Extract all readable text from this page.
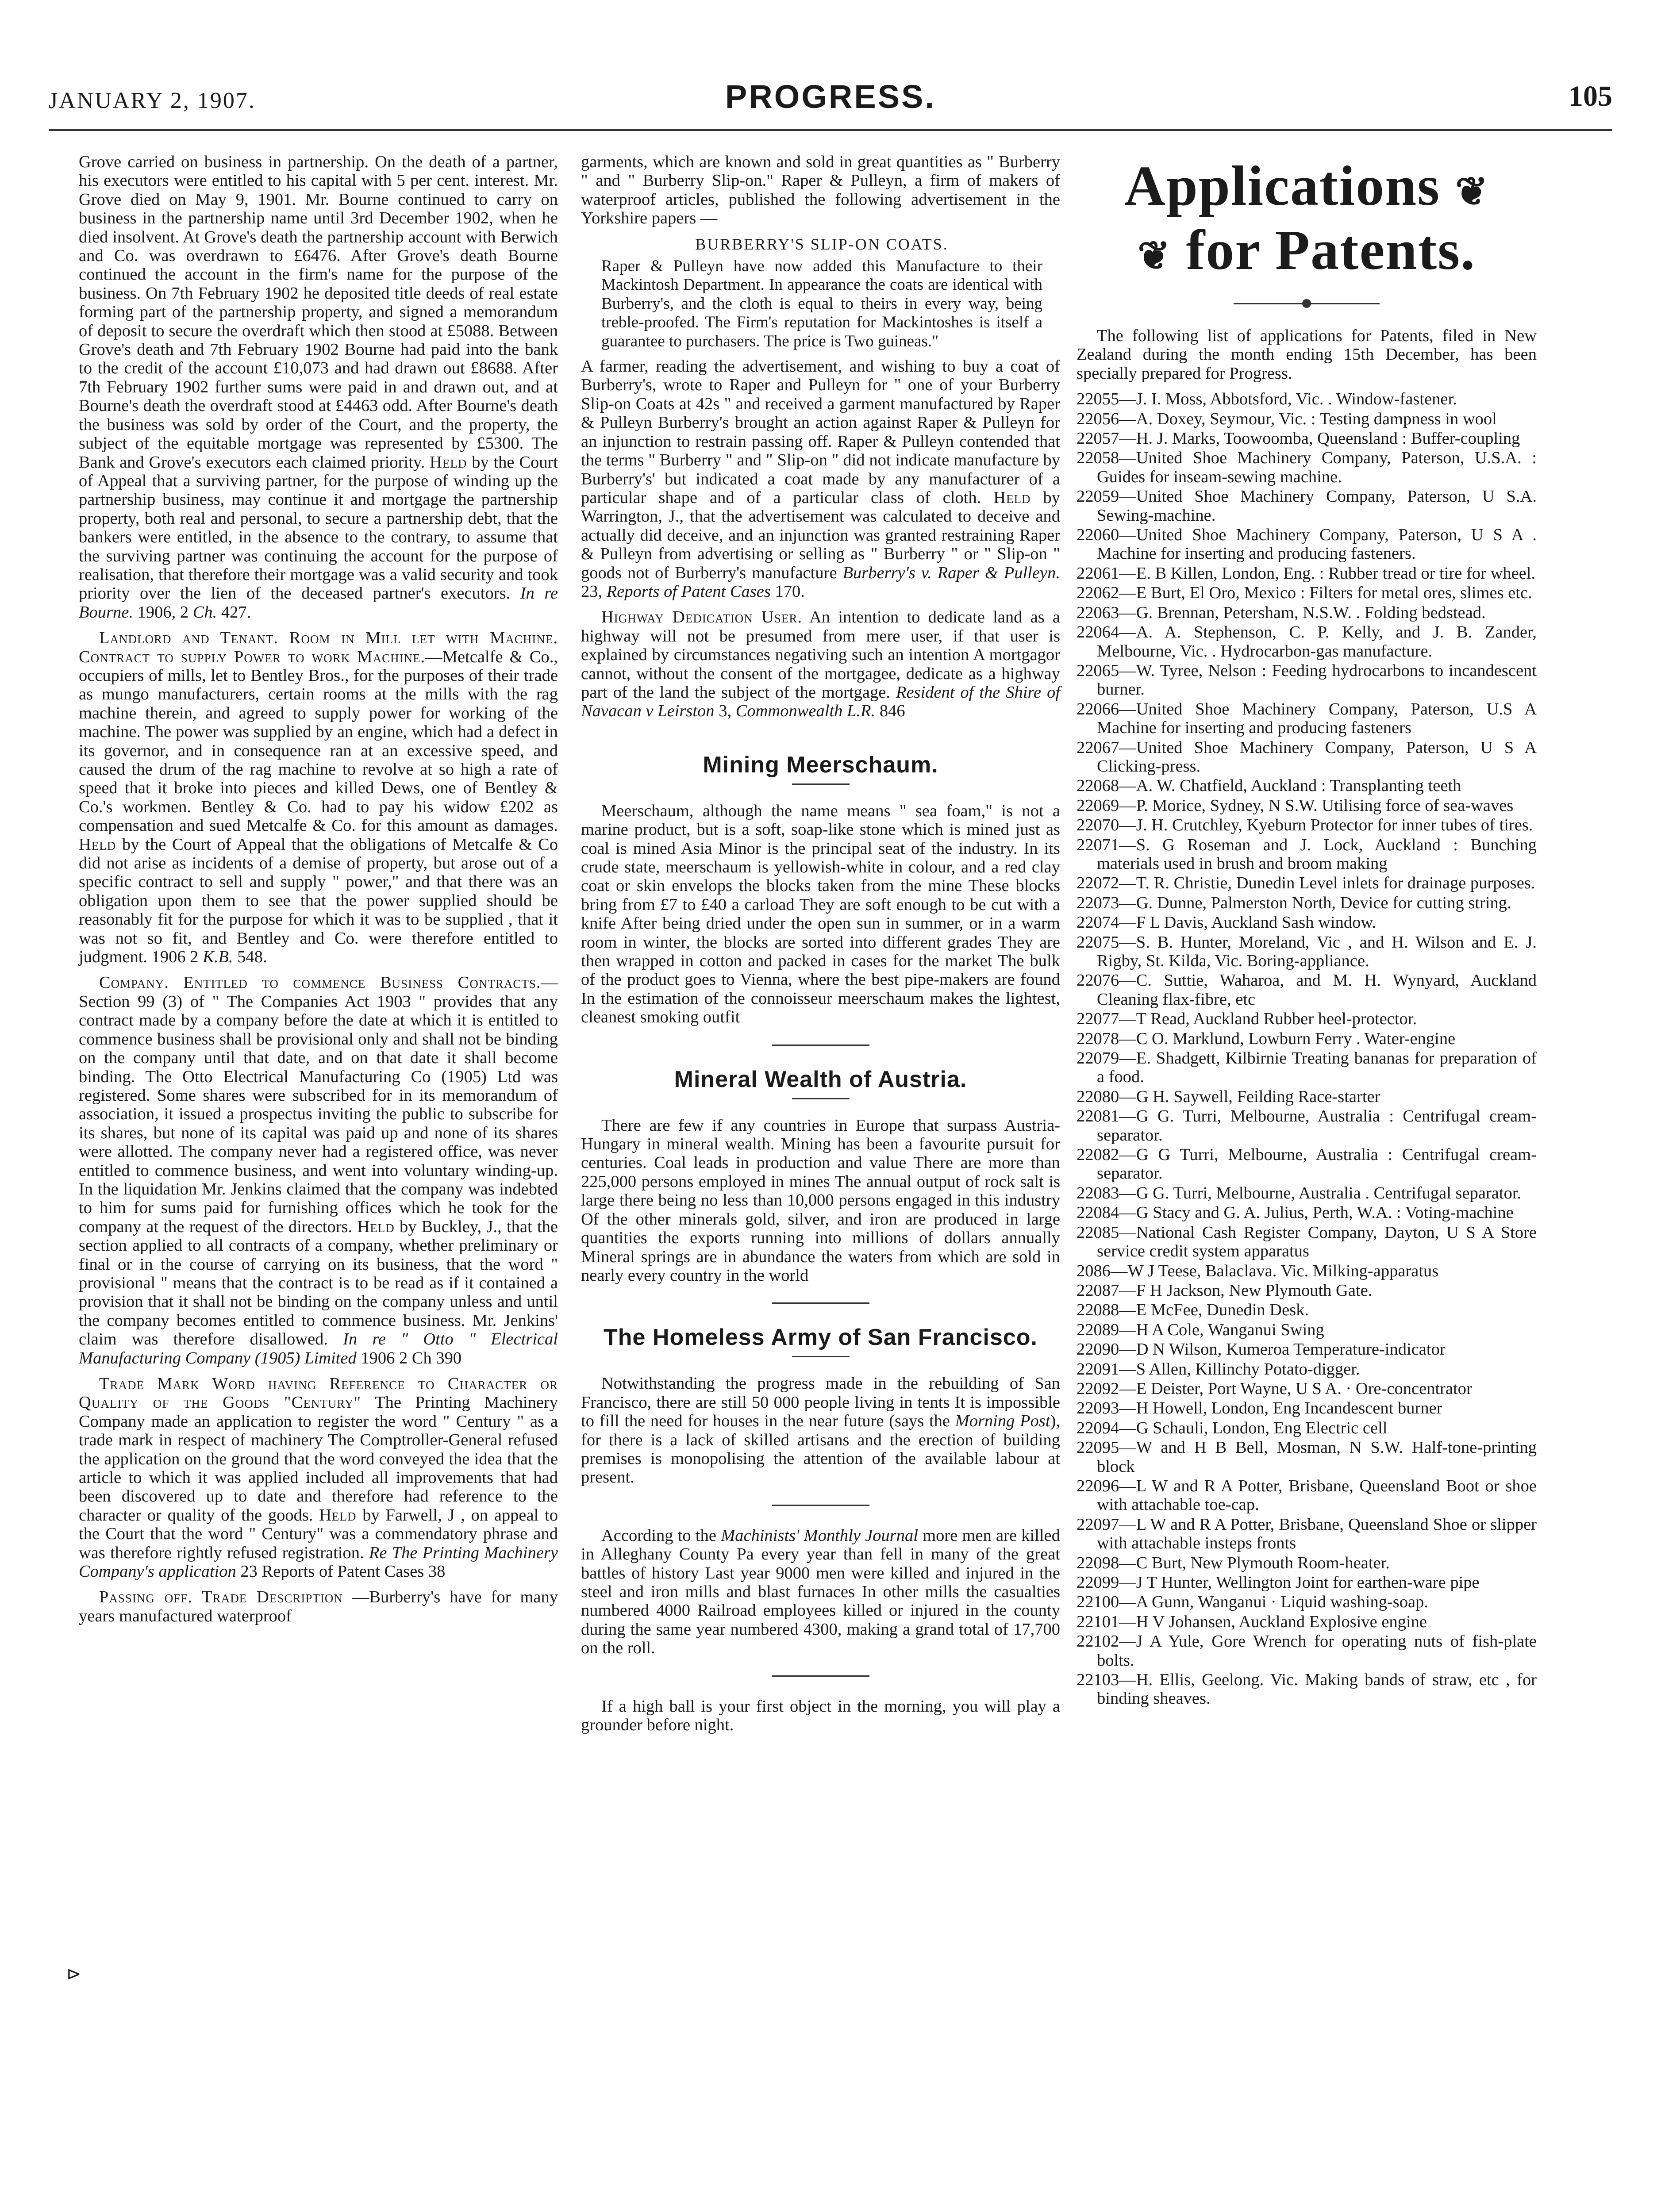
JANUARY 2, 1907.	PROGRESS.	105
⊳

Grove carried on business in partnership. On the death of a partner, his executors were entitled to his capital with 5 per cent. interest. Mr. Grove died on May 9, 1901. Mr. Bourne continued to carry on business in the partnership name until 3rd December 1902, when he died insolvent. At Grove's death the partnership account with Berwich and Co. was overdrawn to £6476. After Grove's death Bourne continued the account in the firm's name for the purpose of the business. On 7th February 1902 he deposited title deeds of real estate forming part of the partnership property, and signed a memorandum of deposit to secure the overdraft which then stood at £5088. Between Grove's death and 7th February 1902 Bourne had paid into the bank to the credit of the account £10,073 and had drawn out £8688. After 7th February 1902 further sums were paid in and drawn out, and at Bourne's death the overdraft stood at £4463 odd. After Bourne's death the business was sold by order of the Court, and the property, the subject of the equitable mortgage was represented by £5300. The Bank and Grove's executors each claimed priority. Held by the Court of Appeal that a surviving partner, for the purpose of winding up the partnership business, may continue it and mortgage the partnership property, both real and personal, to secure a partnership debt, that the bankers were entitled, in the absence to the contrary, to assume that the surviving partner was continuing the account for the purpose of realisation, that therefore their mortgage was a valid security and took priority over the lien of the deceased partner's executors. In re Bourne. 1906, 2 Ch. 427.

Landlord and Tenant. Room in Mill let with Machine. Contract to supply Power to work Machine.—Metcalfe & Co., occupiers of mills, let to Bentley Bros., for the purposes of their trade as mungo manufacturers, certain rooms at the mills with the rag machine therein, and agreed to supply power for working of the machine. The power was supplied by an engine, which had a defect in its governor, and in consequence ran at an excessive speed, and caused the drum of the rag machine to revolve at so high a rate of speed that it broke into pieces and killed Dews, one of Bentley & Co.'s workmen. Bentley & Co. had to pay his widow £202 as compensation and sued Metcalfe & Co. for this amount as damages. Held by the Court of Appeal that the obligations of Metcalfe & Co did not arise as incidents of a demise of property, but arose out of a specific contract to sell and supply " power," and that there was an obligation upon them to see that the power supplied should be reasonably fit for the purpose for which it was to be supplied , that it was not so fit, and Bentley and Co. were therefore entitled to judgment. 1906 2 K.B. 548.

Company. Entitled to commence Business Contracts.—Section 99 (3) of " The Companies Act 1903 " provides that any contract made by a company before the date at which it is entitled to commence business shall be provisional only and shall not be binding on the company until that date, and on that date it shall become binding. The Otto Electrical Manufacturing Co (1905) Ltd was registered. Some shares were subscribed for in its memorandum of association, it issued a prospectus inviting the public to subscribe for its shares, but none of its capital was paid up and none of its shares were allotted. The company never had a registered office, was never entitled to commence business, and went into voluntary winding-up. In the liquidation Mr. Jenkins claimed that the company was indebted to him for sums paid for furnishing offices which he took for the company at the request of the directors. Held by Buckley, J., that the section applied to all contracts of a company, whether preliminary or final or in the course of carrying on its business, that the word " provisional " means that the contract is to be read as if it contained a provision that it shall not be binding on the company unless and until the company becomes entitled to commence business. Mr. Jenkins' claim was therefore disallowed. In re " Otto " Electrical Manufacturing Company (1905) Limited 1906 2 Ch 390

Trade Mark Word having Reference to Character or Quality of the Goods "Century" The Printing Machinery Company made an application to register the word " Century " as a trade mark in respect of machinery The Comptroller-General refused the application on the ground that the word conveyed the idea that the article to which it was applied included all improvements that had been discovered up to date and therefore had reference to the character or quality of the goods. Held by Farwell, J , on appeal to the Court that the word " Century" was a commendatory phrase and was therefore rightly refused registration. Re The Printing Machinery Company's application 23 Reports of Patent Cases 38

Passing off. Trade Description —Burberry's have for many years manufactured waterproof

garments, which are known and sold in great quantities as " Burberry " and " Burberry Slip-on." Raper & Pulleyn, a firm of makers of waterproof articles, published the following advertisement in the Yorkshire papers —

BURBERRY'S SLIP-ON COATS.
Raper & Pulleyn have now added this Manufacture to their Mackintosh Department. In appearance the coats are identical with Burberry's, and the cloth is equal to theirs in every way, being treble-proofed. The Firm's reputation for Mackintoshes is itself a guarantee to purchasers. The price is Two guineas."

A farmer, reading the advertisement, and wishing to buy a coat of Burberry's, wrote to Raper and Pulleyn for " one of your Burberry Slip-on Coats at 42s " and received a garment manufactured by Raper & Pulleyn Burberry's brought an action against Raper & Pulleyn for an injunction to restrain passing off. Raper & Pulleyn contended that the terms " Burberry " and " Slip-on " did not indicate manufacture by Burberry's' but indicated a coat made by any manufacturer of a particular shape and of a particular class of cloth. Held by Warrington, J., that the advertisement was calculated to deceive and actually did deceive, and an injunction was granted restraining Raper & Pulleyn from advertising or selling as " Burberry " or " Slip-on " goods not of Burberry's manufacture Burberry's v. Raper & Pulleyn. 23, Reports of Patent Cases 170.

Highway Dedication User. An intention to dedicate land as a highway will not be presumed from mere user, if that user is explained by circumstances negativing such an intention A mortgagor cannot, without the consent of the mortgagee, dedicate as a highway part of the land the subject of the mortgage. Resident of the Shire of Navacan v Leirston 3, Commonwealth L.R. 846

Mining Meerschaum.

Meerschaum, although the name means " sea foam," is not a marine product, but is a soft, soap-like stone which is mined just as coal is mined Asia Minor is the principal seat of the industry. In its crude state, meerschaum is yellowish-white in colour, and a red clay coat or skin envelops the blocks taken from the mine These blocks bring from £7 to £40 a carload They are soft enough to be cut with a knife After being dried under the open sun in summer, or in a warm room in winter, the blocks are sorted into different grades They are then wrapped in cotton and packed in cases for the market The bulk of the product goes to Vienna, where the best pipe-makers are found In the estimation of the connoisseur meerschaum makes the lightest, cleanest smoking outfit

Mineral Wealth of Austria.

There are few if any countries in Europe that surpass Austria-Hungary in mineral wealth. Mining has been a favourite pursuit for centuries. Coal leads in production and value There are more than 225,000 persons employed in mines The annual output of rock salt is large there being no less than 10,000 persons engaged in this industry Of the other minerals gold, silver, and iron are produced in large quantities the exports running into millions of dollars annually Mineral springs are in abundance the waters from which are sold in nearly every country in the world

The Homeless Army of San Francisco.

Notwithstanding the progress made in the rebuilding of San Francisco, there are still 50 000 people living in tents It is impossible to fill the need for houses in the near future (says the Morning Post), for there is a lack of skilled artisans and the erection of building premises is monopolising the attention of the available labour at present.

According to the Machinists' Monthly Journal more men are killed in Alleghany County Pa every year than fell in many of the great battles of history Last year 9000 men were killed and injured in the steel and iron mills and blast furnaces In other mills the casualties numbered 4000 Railroad employees killed or injured in the county during the same year numbered 4300, making a grand total of 17,700 on the roll.

If a high ball is your first object in the morning, you will play a grounder before night.

Applications ❦
❦ for Patents.

The following list of applications for Patents, filed in New Zealand during the month ending 15th December, has been specially prepared for Progress.

22055—J. I. Moss, Abbotsford, Vic. . Window-fastener.
22056—A. Doxey, Seymour, Vic. : Testing dampness in wool
22057—H. J. Marks, Toowoomba, Queensland : Buffer-coupling
22058—United Shoe Machinery Company, Paterson, U.S.A. : Guides for inseam-sewing machine.
22059—United Shoe Machinery Company, Paterson, U S.A. Sewing-machine.
22060—United Shoe Machinery Company, Paterson, U S A . Machine for inserting and producing fasteners.
22061—E. B Killen, London, Eng. : Rubber tread or tire for wheel.
22062—E Burt, El Oro, Mexico : Filters for metal ores, slimes etc.
22063—G. Brennan, Petersham, N.S.W. . Folding bedstead.
22064—A. A. Stephenson, C. P. Kelly, and J. B. Zander, Melbourne, Vic. . Hydrocarbon-gas manufacture.
22065—W. Tyree, Nelson : Feeding hydrocarbons to incandescent burner.
22066—United Shoe Machinery Company, Paterson, U.S A Machine for inserting and producing fasteners
22067—United Shoe Machinery Company, Paterson, U S A Clicking-press.
22068—A. W. Chatfield, Auckland : Transplanting teeth
22069—P. Morice, Sydney, N S.W. Utilising force of sea-waves
22070—J. H. Crutchley, Kyeburn Protector for inner tubes of tires.
22071—S. G Roseman and J. Lock, Auckland : Bunching materials used in brush and broom making
22072—T. R. Christie, Dunedin Level inlets for drainage purposes.
22073—G. Dunne, Palmerston North, Device for cutting string.
22074—F L Davis, Auckland Sash window.
22075—S. B. Hunter, Moreland, Vic , and H. Wilson and E. J. Rigby, St. Kilda, Vic. Boring-appliance.
22076—C. Suttie, Waharoa, and M. H. Wynyard, Auckland Cleaning flax-fibre, etc
22077—T Read, Auckland Rubber heel-protector.
22078—C O. Marklund, Lowburn Ferry . Water-engine
22079—E. Shadgett, Kilbirnie Treating bananas for preparation of a food.
22080—G H. Saywell, Feilding Race-starter
22081—G G. Turri, Melbourne, Australia : Centrifugal cream-separator.
22082—G G Turri, Melbourne, Australia : Centrifugal cream-separator.
22083—G G. Turri, Melbourne, Australia . Centrifugal separator.
22084—G Stacy and G. A. Julius, Perth, W.A. : Voting-machine
22085—National Cash Register Company, Dayton, U S A Store service credit system apparatus
2086—W J Teese, Balaclava. Vic. Milking-apparatus
22087—F H Jackson, New Plymouth Gate.
22088—E McFee, Dunedin Desk.
22089—H A Cole, Wanganui Swing
22090—D N Wilson, Kumeroa Temperature-indicator
22091—S Allen, Killinchy Potato-digger.
22092—E Deister, Port Wayne, U S A. · Ore-concentrator
22093—H Howell, London, Eng Incandescent burner
22094—G Schauli, London, Eng Electric cell
22095—W and H B Bell, Mosman, N S.W. Half-tone-printing block
22096—L W and R A Potter, Brisbane, Queensland Boot or shoe with attachable toe-cap.
22097—L W and R A Potter, Brisbane, Queensland Shoe or slipper with attachable insteps fronts
22098—C Burt, New Plymouth Room-heater.
22099—J T Hunter, Wellington Joint for earthen-ware pipe
22100—A Gunn, Wanganui · Liquid washing-soap.
22101—H V Johansen, Auckland Explosive engine
22102—J A Yule, Gore Wrench for operating nuts of fish-plate bolts.
22103—H. Ellis, Geelong. Vic. Making bands of straw, etc , for binding sheaves.
